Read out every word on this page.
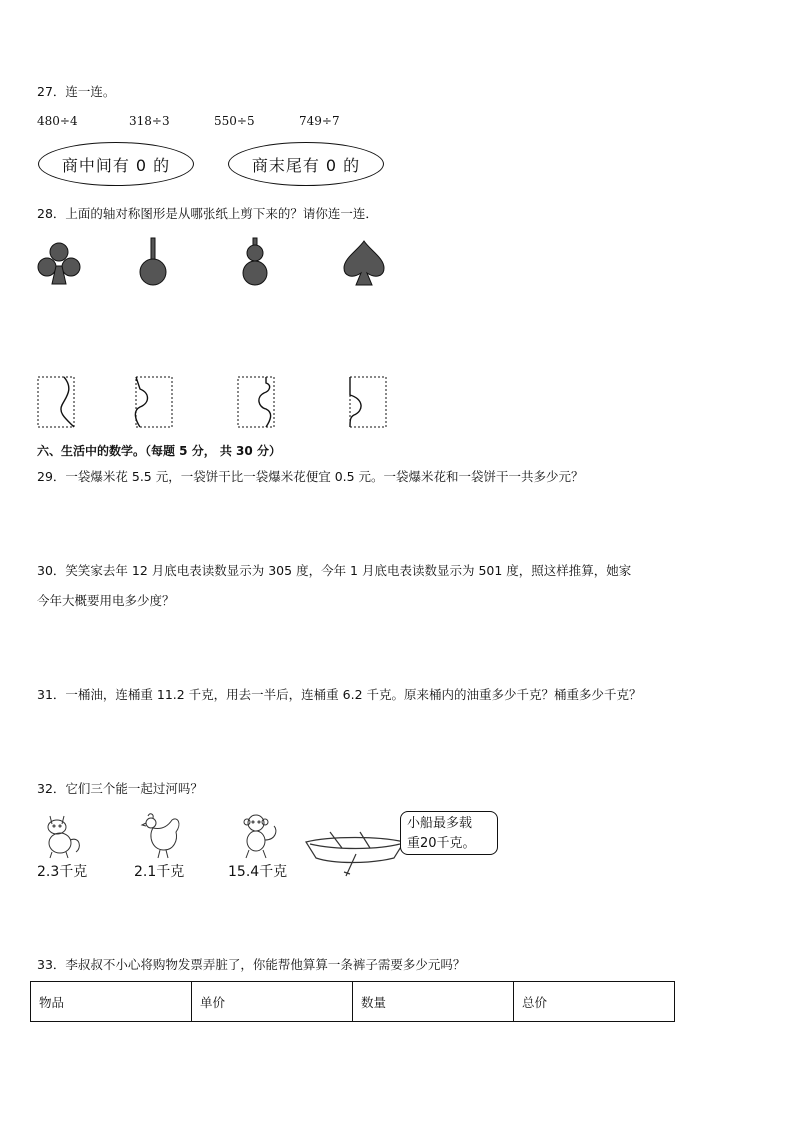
27．连一连。
480÷4	318÷3	550÷5	749÷7
商中间有 0 的	商末尾有 0 的
28．上面的轴对称图形是从哪张纸上剪下来的？请你连一连．
六、生活中的数学。（每题 5 分， 共 30 分）
29．一袋爆米花 5.5 元，一袋饼干比一袋爆米花便宜 0.5 元。一袋爆米花和一袋饼干一共多少元？
30．笑笑家去年 12 月底电表读数显示为 305 度，今年 1 月底电表读数显示为 501 度，照这样推算，她家
今年大概要用电多少度？
31．一桶油，连桶重 11.2 千克，用去一半后，连桶重 6.2 千克。原来桶内的油重多少千克？桶重多少千克？
32．它们三个能一起过河吗？
2.3千克	2.1千克	15.4千克
小船最多载
重20千克。
33．李叔叔不小心将购物发票弄脏了，你能帮他算算一条裤子需要多少元吗？
物品	单价	数量	总价
